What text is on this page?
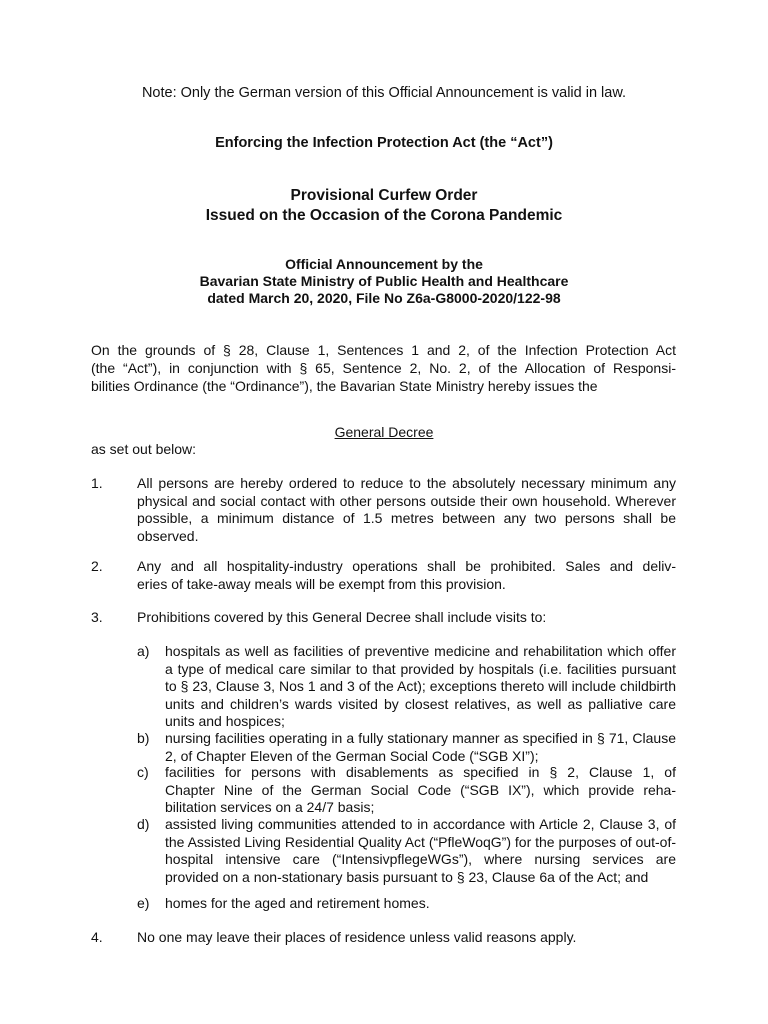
Note: Only the German version of this Official Announcement is valid in law.
Enforcing the Infection Protection Act (the “Act”)
Provisional Curfew Order
Issued on the Occasion of the Corona Pandemic
Official Announcement by the
Bavarian State Ministry of Public Health and Healthcare
dated March 20, 2020, File No Z6a-G8000-2020/122-98
On the grounds of § 28, Clause 1, Sentences 1 and 2, of the Infection Protection Act
(the “Act”), in conjunction with § 65, Sentence 2, No. 2, of the Allocation of Responsi-
bilities Ordinance (the “Ordinance”), the Bavarian State Ministry hereby issues the
General Decree
as set out below:
1.	All persons are hereby ordered to reduce to the absolutely necessary minimum any physical and social contact with other persons outside their own household. Wherever possible, a minimum distance of 1.5 metres between any two persons shall be observed.
2.	Any and all hospitality-industry operations shall be prohibited. Sales and deliv-
eries of take-away meals will be exempt from this provision.
3.	Prohibitions covered by this General Decree shall include visits to:
a) hospitals as well as facilities of preventive medicine and rehabilitation which offer a type of medical care similar to that provided by hospitals (i.e. facilities pursuant to § 23, Clause 3, Nos 1 and 3 of the Act); exceptions thereto will include childbirth units and children’s wards visited by closest relatives, as well as palliative care units and hospices;
b) nursing facilities operating in a fully stationary manner as specified in § 71, Clause 2, of Chapter Eleven of the German Social Code (“SGB XI”);
c) facilities for persons with disablements as specified in § 2, Clause 1, of
Chapter Nine of the German Social Code (“SGB IX”), which provide reha-
bilitation services on a 24/7 basis;
d) assisted living communities attended to in accordance with Article 2, Clause 3, of the Assisted Living Residential Quality Act (“PfleWoqG”) for the purposes of out-of-hospital intensive care (“IntensivpflegeWGs”), where nursing services are provided on a non-stationary basis pursuant to § 23, Clause 6a of the Act; and
e) homes for the aged and retirement homes.
4.	No one may leave their places of residence unless valid reasons apply.
